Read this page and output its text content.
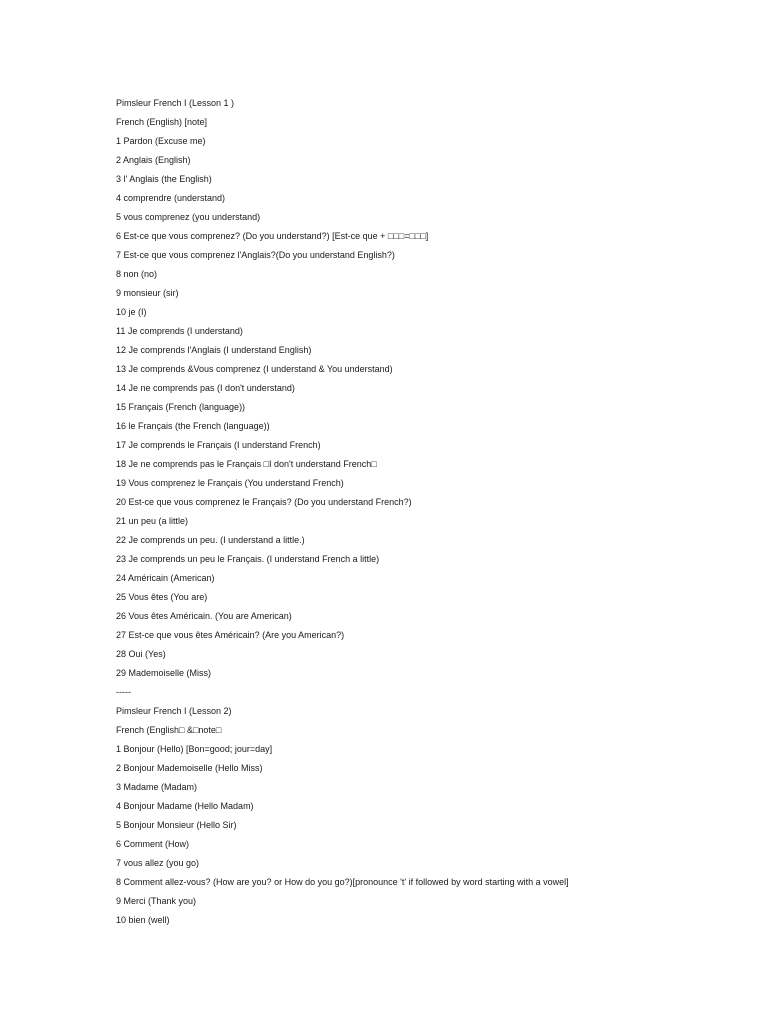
Pimsleur French I (Lesson 1 )
French (English) [note]
1 Pardon (Excuse me)
2 Anglais (English)
3 l' Anglais (the English)
4 comprendre (understand)
5 vous comprenez (you understand)
6 Est-ce que vous comprenez? (Do you understand?) [Est-ce que + □□□=□□□]
7 Est-ce que vous comprenez l'Anglais?(Do you understand English?)
8 non (no)
9 monsieur (sir)
10 je (I)
11 Je comprends (I understand)
12 Je comprends l'Anglais (I understand English)
13 Je comprends &Vous comprenez (I understand & You understand)
14 Je ne comprends pas (I don't understand)
15 Français (French (language))
16 le Français (the French (language))
17 Je comprends le Français (I understand French)
18 Je ne comprends pas le Français □I don't understand French□
19 Vous comprenez le Français (You understand French)
20 Est-ce que vous comprenez le Français? (Do you understand French?)
21 un peu (a little)
22 Je comprends un peu. (I understand a little.)
23 Je comprends un peu le Français. (I understand French a little)
24 Américain (American)
25 Vous êtes (You are)
26 Vous êtes Américain. (You are American)
27 Est-ce que vous êtes Américain? (Are you American?)
28 Oui (Yes)
29 Mademoiselle (Miss)
-----
Pimsleur French I (Lesson 2)
French (English□ &□note□
1 Bonjour (Hello) [Bon=good; jour=day]
2 Bonjour Mademoiselle (Hello Miss)
3 Madame (Madam)
4 Bonjour Madame (Hello Madam)
5 Bonjour Monsieur (Hello Sir)
6 Comment (How)
7 vous allez (you go)
8 Comment allez-vous? (How are you? or How do you go?)[pronounce 't' if followed by word starting with a vowel]
9 Merci (Thank you)
10 bien (well)
